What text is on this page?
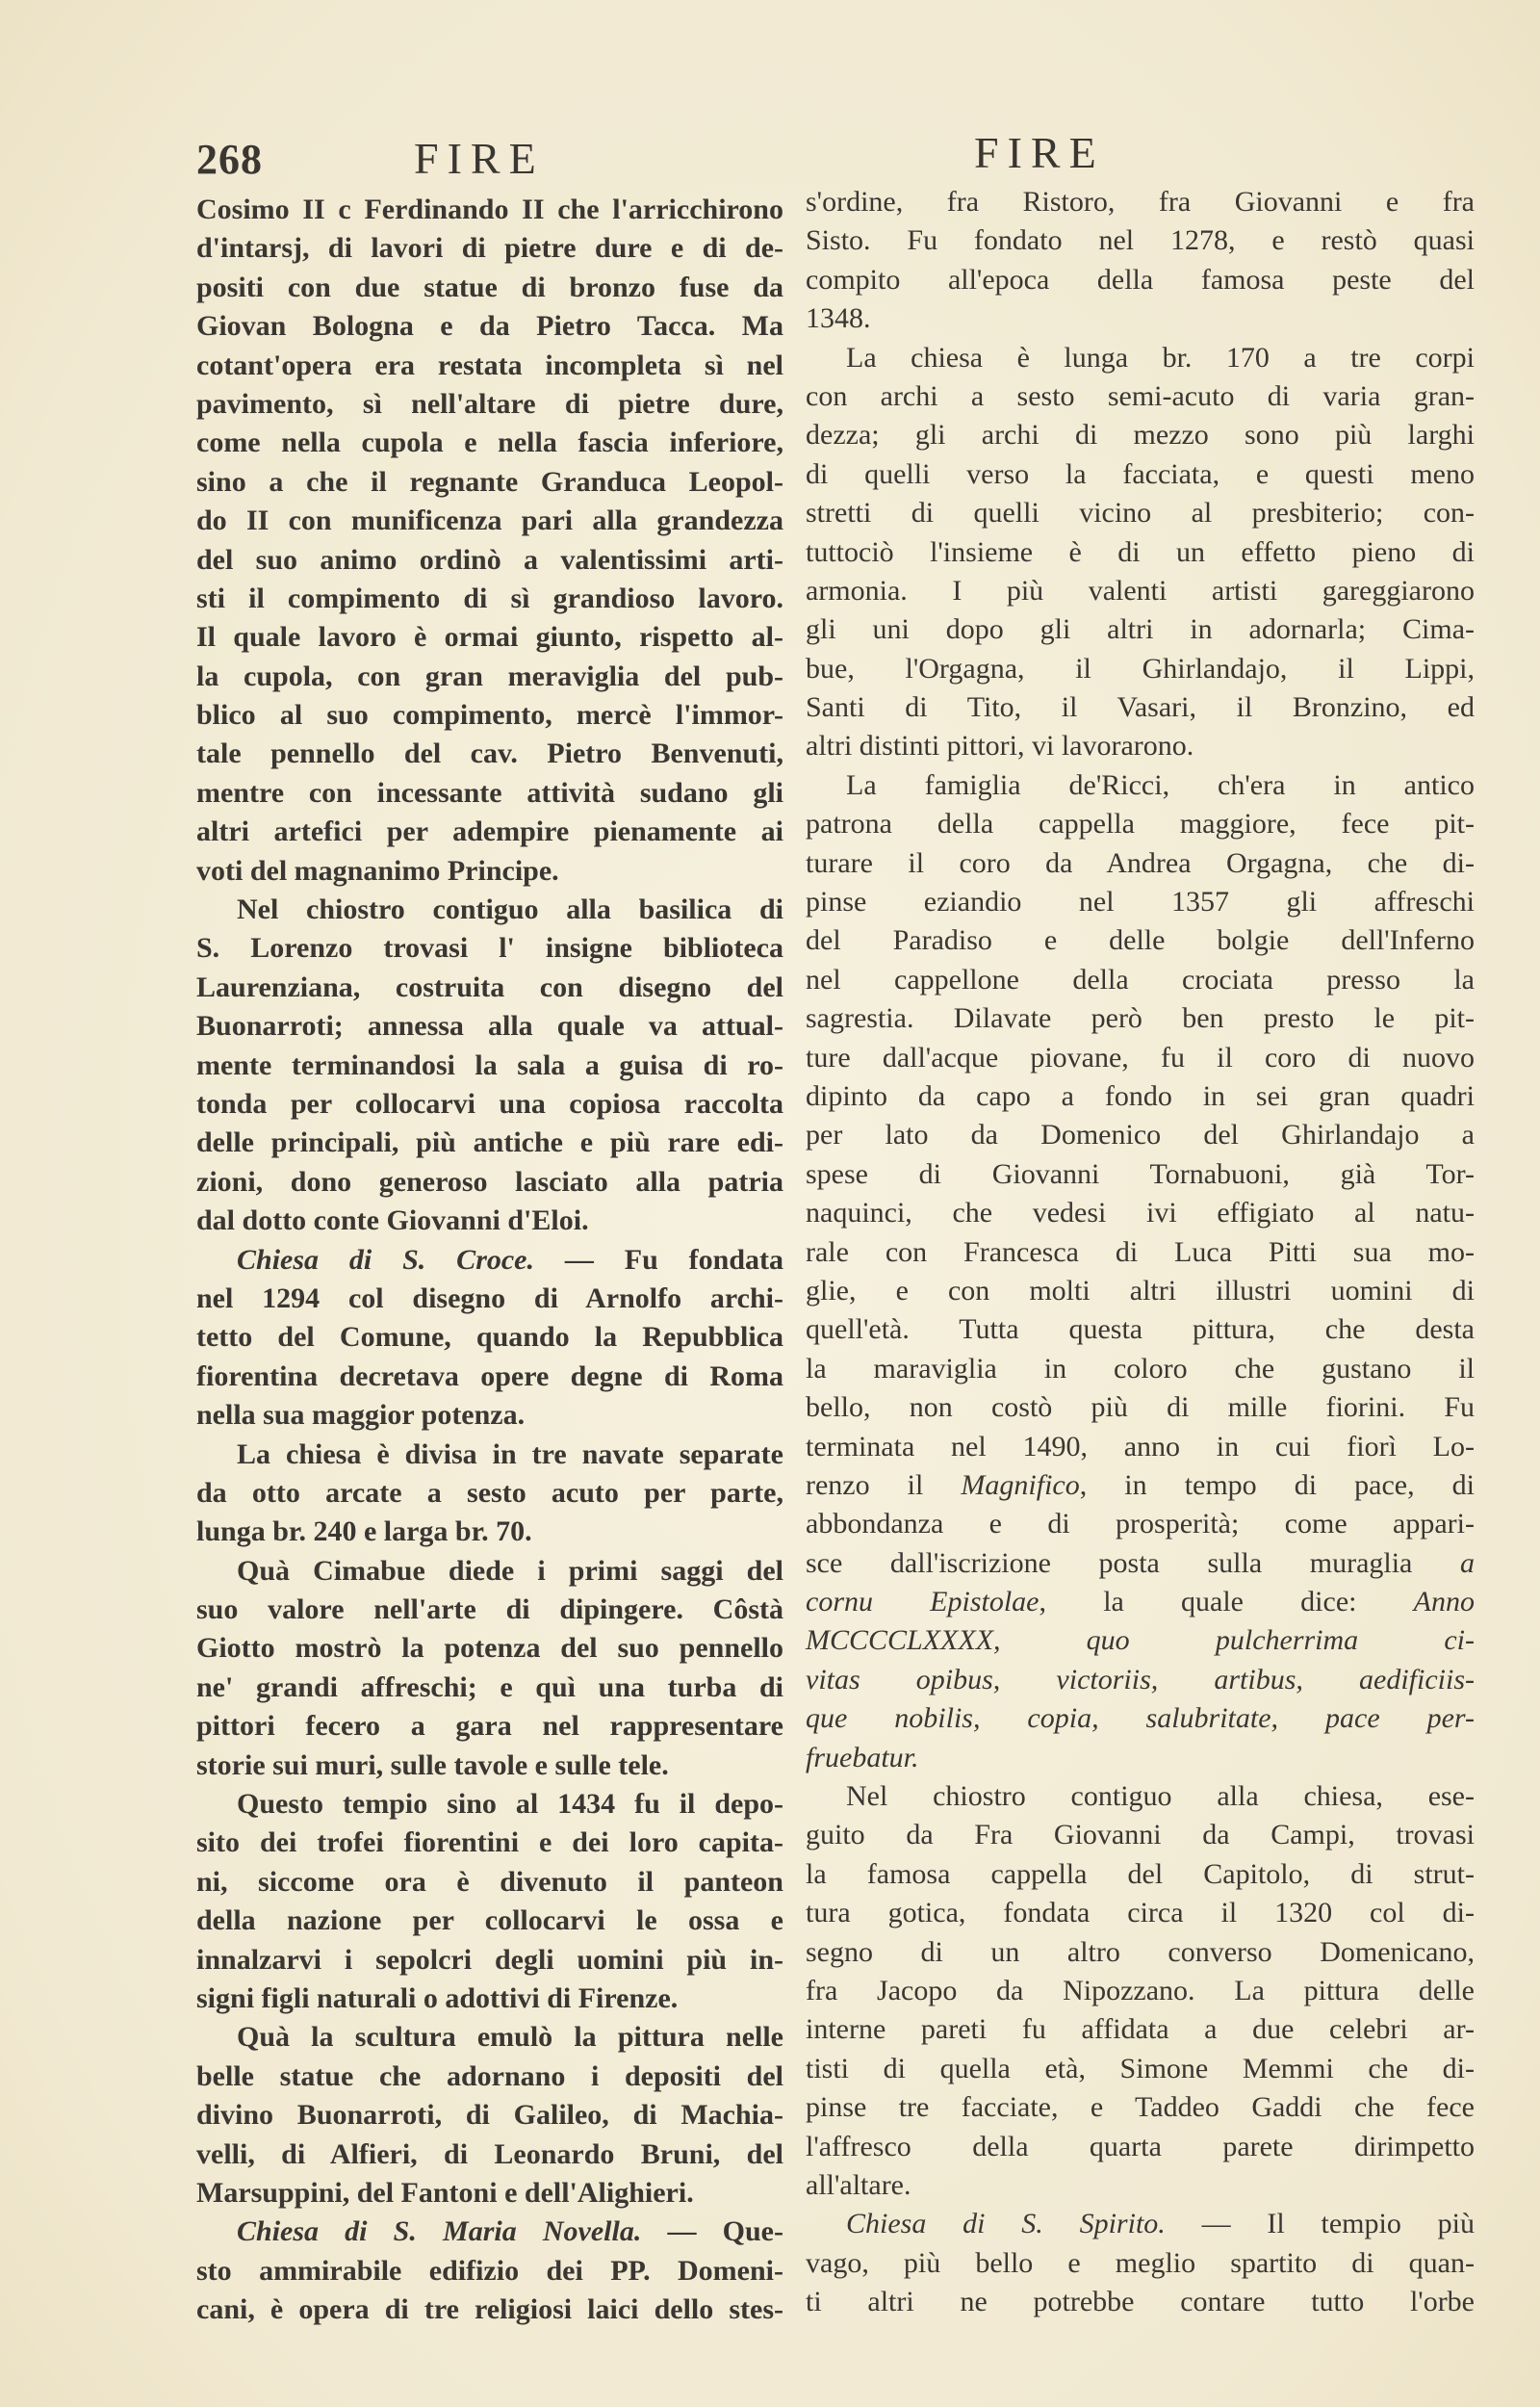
268	FIRE	FIRE
Cosimo II c Ferdinando II che l'arricchirono
d'intarsj, di lavori di pietre dure e di de-
positi con due statue di bronzo fuse da
Giovan Bologna e da Pietro Tacca. Ma
cotant'opera era restata incompleta sì nel
pavimento, sì nell'altare di pietre dure,
come nella cupola e nella fascia inferiore,
sino a che il regnante Granduca Leopol-
do II con munificenza pari alla grandezza
del suo animo ordinò a valentissimi arti-
sti il compimento di sì grandioso lavoro.
Il quale lavoro è ormai giunto, rispetto al-
la cupola, con gran meraviglia del pub-
blico al suo compimento, mercè l'immor-
tale pennello del cav. Pietro Benvenuti,
mentre con incessante attività sudano gli
altri artefici per adempire pienamente ai
voti del magnanimo Principe.
Nel chiostro contiguo alla basilica di
S. Lorenzo trovasi l' insigne biblioteca
Laurenziana, costruita con disegno del
Buonarroti; annessa alla quale va attual-
mente terminandosi la sala a guisa di ro-
tonda per collocarvi una copiosa raccolta
delle principali, più antiche e più rare edi-
zioni, dono generoso lasciato alla patria
dal dotto conte Giovanni d'Eloi.
Chiesa di S. Croce. — Fu fondata
nel 1294 col disegno di Arnolfo archi-
tetto del Comune, quando la Repubblica
fiorentina decretava opere degne di Roma
nella sua maggior potenza.
La chiesa è divisa in tre navate separate
da otto arcate a sesto acuto per parte,
lunga br. 240 e larga br. 70.
Quà Cimabue diede i primi saggi del
suo valore nell'arte di dipingere. Côstà
Giotto mostrò la potenza del suo pennello
ne' grandi affreschi; e quì una turba di
pittori fecero a gara nel rappresentare
storie sui muri, sulle tavole e sulle tele.
Questo tempio sino al 1434 fu il depo-
sito dei trofei fiorentini e dei loro capita-
ni, siccome ora è divenuto il panteon
della nazione per collocarvi le ossa e
innalzarvi i sepolcri degli uomini più in-
signi figli naturali o adottivi di Firenze.
Quà la scultura emulò la pittura nelle
belle statue che adornano i depositi del
divino Buonarroti, di Galileo, di Machia-
velli, di Alfieri, di Leonardo Bruni, del
Marsuppini, del Fantoni e dell'Alighieri.
Chiesa di S. Maria Novella. — Que-
sto ammirabile edifizio dei PP. Domeni-
cani, è opera di tre religiosi laici dello stes-
s'ordine, fra Ristoro, fra Giovanni e fra
Sisto. Fu fondato nel 1278, e restò quasi
compito all'epoca della famosa peste del
1348.
La chiesa è lunga br. 170 a tre corpi
con archi a sesto semi-acuto di varia gran-
dezza; gli archi di mezzo sono più larghi
di quelli verso la facciata, e questi meno
stretti di quelli vicino al presbiterio; con-
tuttociò l'insieme è di un effetto pieno di
armonia. I più valenti artisti gareggiarono
gli uni dopo gli altri in adornarla; Cima-
bue, l'Orgagna, il Ghirlandajo, il Lippi,
Santi di Tito, il Vasari, il Bronzino, ed
altri distinti pittori, vi lavorarono.
La famiglia de'Ricci, ch'era in antico
patrona della cappella maggiore, fece pit-
turare il coro da Andrea Orgagna, che di-
pinse eziandio nel 1357 gli affreschi
del Paradiso e delle bolgie dell'Inferno
nel cappellone della crociata presso la
sagrestia. Dilavate però ben presto le pit-
ture dall'acque piovane, fu il coro di nuovo
dipinto da capo a fondo in sei gran quadri
per lato da Domenico del Ghirlandajo a
spese di Giovanni Tornabuoni, già Tor-
naquinci, che vedesi ivi effigiato al natu-
rale con Francesca di Luca Pitti sua mo-
glie, e con molti altri illustri uomini di
quell'età. Tutta questa pittura, che desta
la maraviglia in coloro che gustano il
bello, non costò più di mille fiorini. Fu
terminata nel 1490, anno in cui fiorì Lo-
renzo il Magnifico, in tempo di pace, di
abbondanza e di prosperità; come appari-
sce dall'iscrizione posta sulla muraglia a
cornu Epistolae, la quale dice: Anno
MCCCCLXXXX, quo pulcherrima ci-
vitas opibus, victoriis, artibus, aedificiis-
que nobilis, copia, salubritate, pace per-
fruebatur.
Nel chiostro contiguo alla chiesa, ese-
guito da Fra Giovanni da Campi, trovasi
la famosa cappella del Capitolo, di strut-
tura gotica, fondata circa il 1320 col di-
segno di un altro converso Domenicano,
fra Jacopo da Nipozzano. La pittura delle
interne pareti fu affidata a due celebri ar-
tisti di quella età, Simone Memmi che di-
pinse tre facciate, e Taddeo Gaddi che fece
l'affresco della quarta parete dirimpetto
all'altare.
Chiesa di S. Spirito. — Il tempio più
vago, più bello e meglio spartito di quan-
ti altri ne potrebbe contare tutto l'orbe
